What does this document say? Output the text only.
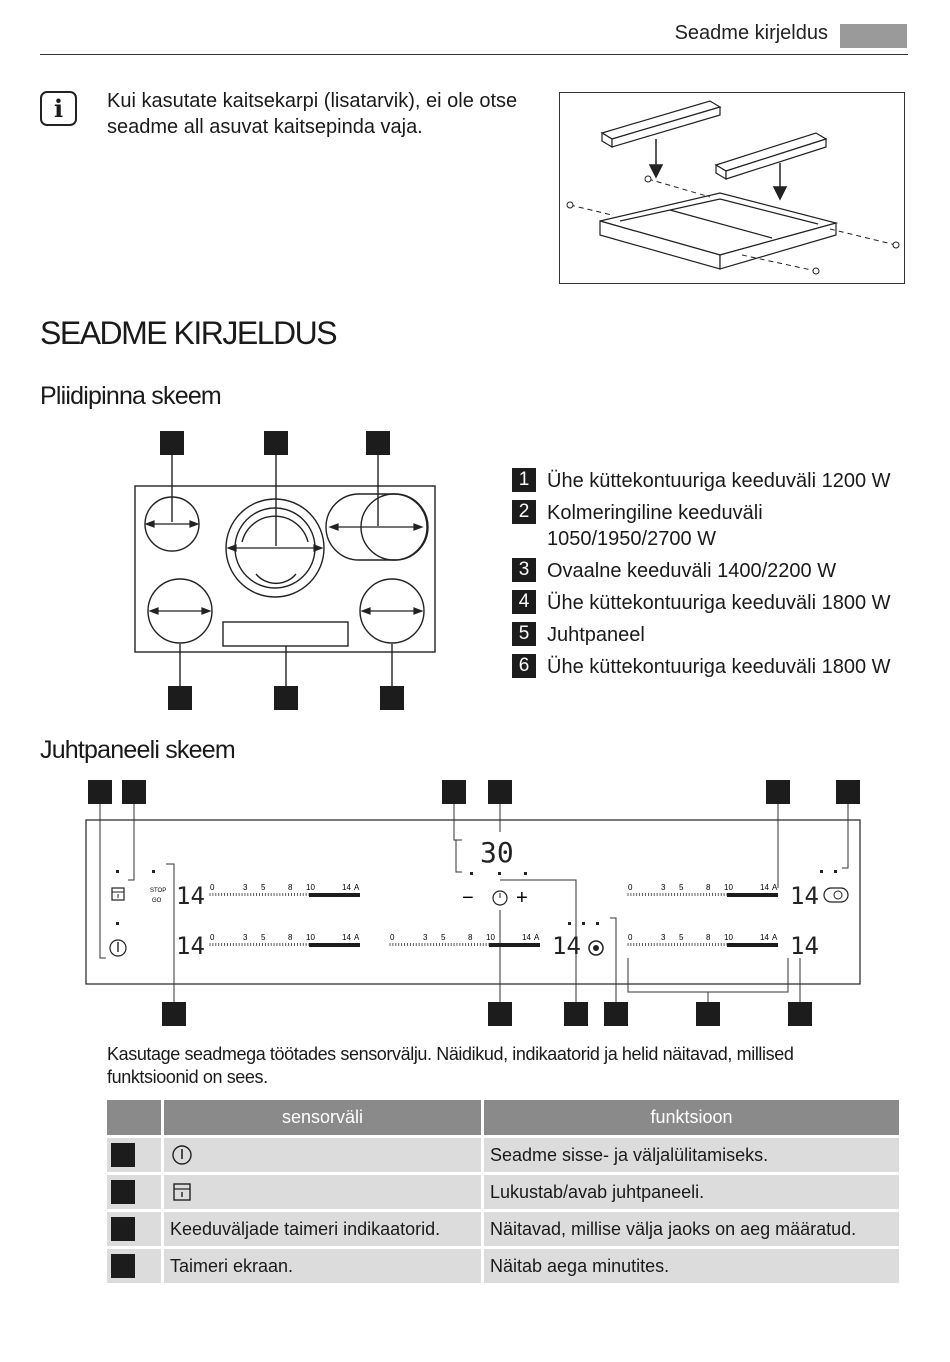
Seadme kirjeldus
i	Kui kasutate kaitsekarpi (lisatarvik), ei ole otse seadme all asuvat kaitsepinda vaja.
SEADME KIRJELDUS
Pliidipinna skeem
Juhtpaneeli skeem
1 Ühe küttekontuuriga keeduväli 1200 W
2 Kolmeringiline keeduväli 1050/1950/2700 W
3 Ovaalne keeduväli 1400/2200 W
4 Ühe küttekontuuriga keeduväli 1800 W
5 Juhtpaneel
6 Ühe küttekontuuriga keeduväli 1800 W
STOP
GO 14
14	14
14
14
30
− +
0	3 5	8 10	14 A
0	3 5	8 10	14 A	0	3 5	8 10	14 A
0	3 5	8 10	14 A
0	3 5	8 10	14 A
Kasutage seadmega töötades sensorvälju. Näidikud, indikaatorid ja helid näitavad, millised funktsioonid on sees.
	sensorväli	funktsioon
		Seadme sisse- ja väljalülitamiseks.
		Lukustab/avab juhtpaneeli.
	Keeduväljade taimeri indikaatorid.	Näitavad, millise välja jaoks on aeg määratud.
	Taimeri ekraan.	Näitab aega minutites.
